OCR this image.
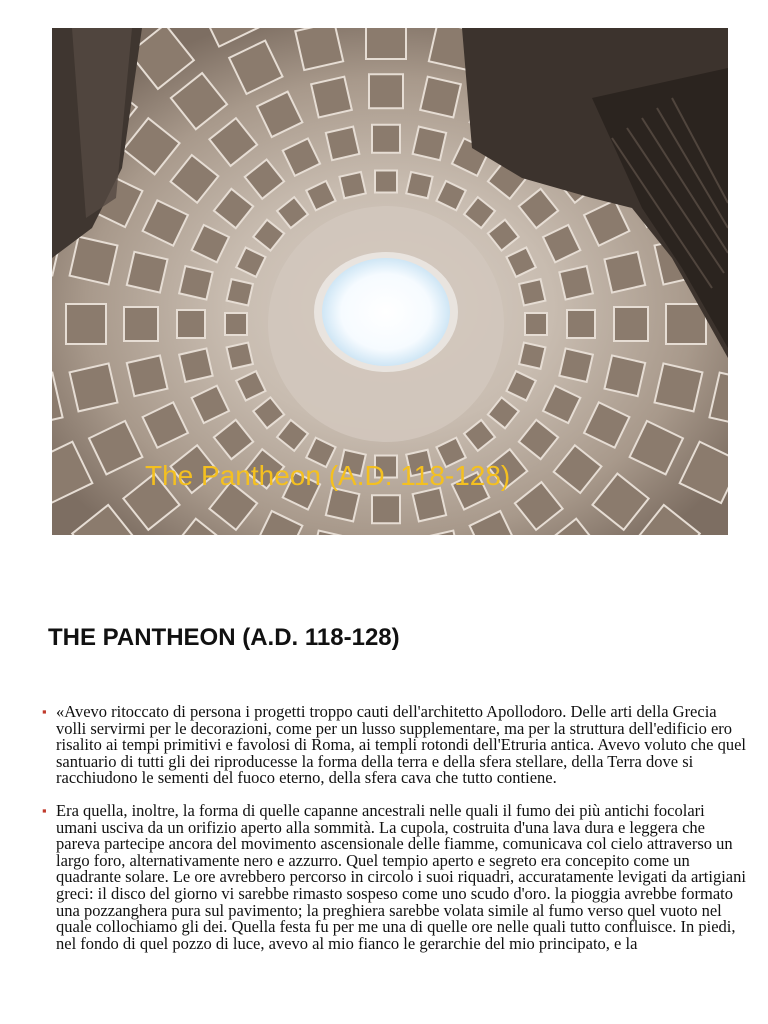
The Pantheon (A.D. 118-128)
THE PANTHEON (A.D. 118-128)
▪ «Avevo ritoccato di persona i progetti troppo cauti dell'architetto Apollodoro. Delle arti della Grecia volli servirmi per le decorazioni, come per un lusso supplementare, ma per la struttura dell'edificio ero risalito ai tempi primitivi e favolosi di Roma, ai templi rotondi dell'Etruria antica. Avevo voluto che quel santuario di tutti gli dei riproducesse la forma della terra e della sfera stellare, della Terra dove si racchiudono le sementi del fuoco eterno, della sfera cava che tutto contiene.
▪ Era quella, inoltre, la forma di quelle capanne ancestrali nelle quali il fumo dei più antichi focolari umani usciva da un orifizio aperto alla sommità. La cupola, costruita d'una lava dura e leggera che pareva partecipe ancora del movimento ascensionale delle fiamme, comunicava col cielo attraverso un largo foro, alternativamente nero e azzurro. Quel tempio aperto e segreto era concepito come un quadrante solare. Le ore avrebbero percorso in circolo i suoi riquadri, accuratamente levigati da artigiani greci: il disco del giorno vi sarebbe rimasto sospeso come uno scudo d'oro. la pioggia avrebbe formato una pozzanghera pura sul pavimento; la preghiera sarebbe volata simile al fumo verso quel vuoto nel quale collochiamo gli dei. Quella festa fu per me una di quelle ore nelle quali tutto confluisce. In piedi, nel fondo di quel pozzo di luce, avevo al mio fianco le gerarchie del mio principato, e la
